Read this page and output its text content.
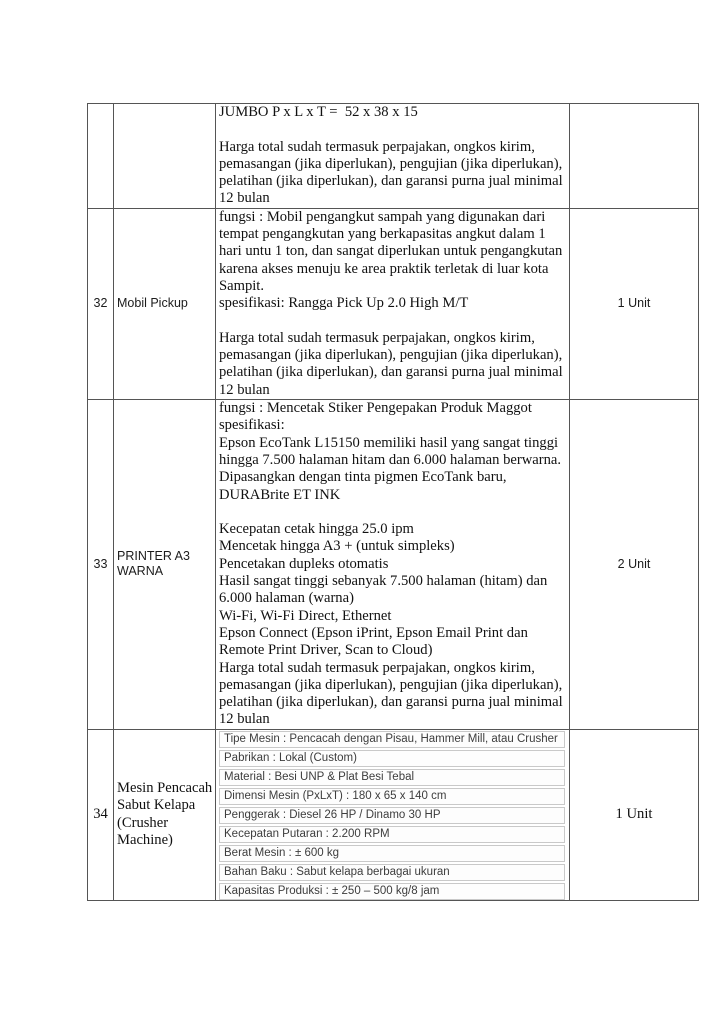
		JUMBO P x L x T =  52 x 38 x 15

Harga total sudah termasuk perpajakan, ongkos kirim, pemasangan (jika diperlukan), pengujian (jika diperlukan), pelatihan (jika diperlukan), dan garansi purna jual minimal 12 bulan	

32	Mobil Pickup	fungsi : Mobil pengangkut sampah yang digunakan dari tempat pengangkutan yang berkapasitas angkut dalam 1 hari untu 1 ton, dan sangat diperlukan untuk pengangkutan karena akses menuju ke area praktik terletak di luar kota Sampit.

spesifikasi: Rangga Pick Up 2.0 High M/T

Harga total sudah termasuk perpajakan, ongkos kirim, pemasangan (jika diperlukan), pengujian (jika diperlukan), pelatihan (jika diperlukan), dan garansi purna jual minimal 12 bulan	1 Unit
33	PRINTER A3 WARNA	

fungsi : Mencetak Stiker Pengepakan Produk Maggot

spesifikasi:

Epson EcoTank L15150 memiliki hasil yang sangat tinggi hingga 7.500 halaman hitam dan 6.000 halaman berwarna.

Dipasangkan dengan tinta pigmen EcoTank baru, DURABrite ET INK

Kecepatan cetak hingga 25.0 ipm

Mencetak hingga A3 + (untuk simpleks)

Pencetakan dupleks otomatis

Hasil sangat tinggi sebanyak 7.500 halaman (hitam) dan 6.000 halaman (warna)

Wi-Fi, Wi-Fi Direct, Ethernet

Epson Connect (Epson iPrint, Epson Email Print dan Remote Print Driver, Scan to Cloud)

Harga total sudah termasuk perpajakan, ongkos kirim, pemasangan (jika diperlukan), pengujian (jika diperlukan), pelatihan (jika diperlukan), dan garansi purna jual minimal 12 bulan

	2 Unit
34	Mesin Pencacah Sabut Kelapa (Crusher Machine)	
Tipe Mesin : Pencacah dengan Pisau, Hammer Mill, atau Crusher
Pabrikan : Lokal (Custom)
Material : Besi UNP & Plat Besi Tebal
Dimensi Mesin (PxLxT) : 180 x 65 x 140 cm
Penggerak : Diesel 26 HP / Dinamo 30 HP
Kecepatan Putaran : 2.200 RPM
Berat Mesin : ± 600 kg
Bahan Baku : Sabut kelapa berbagai ukuran
Kapasitas Produksi : ± 250 – 500 kg/8 jam
	1 Unit
